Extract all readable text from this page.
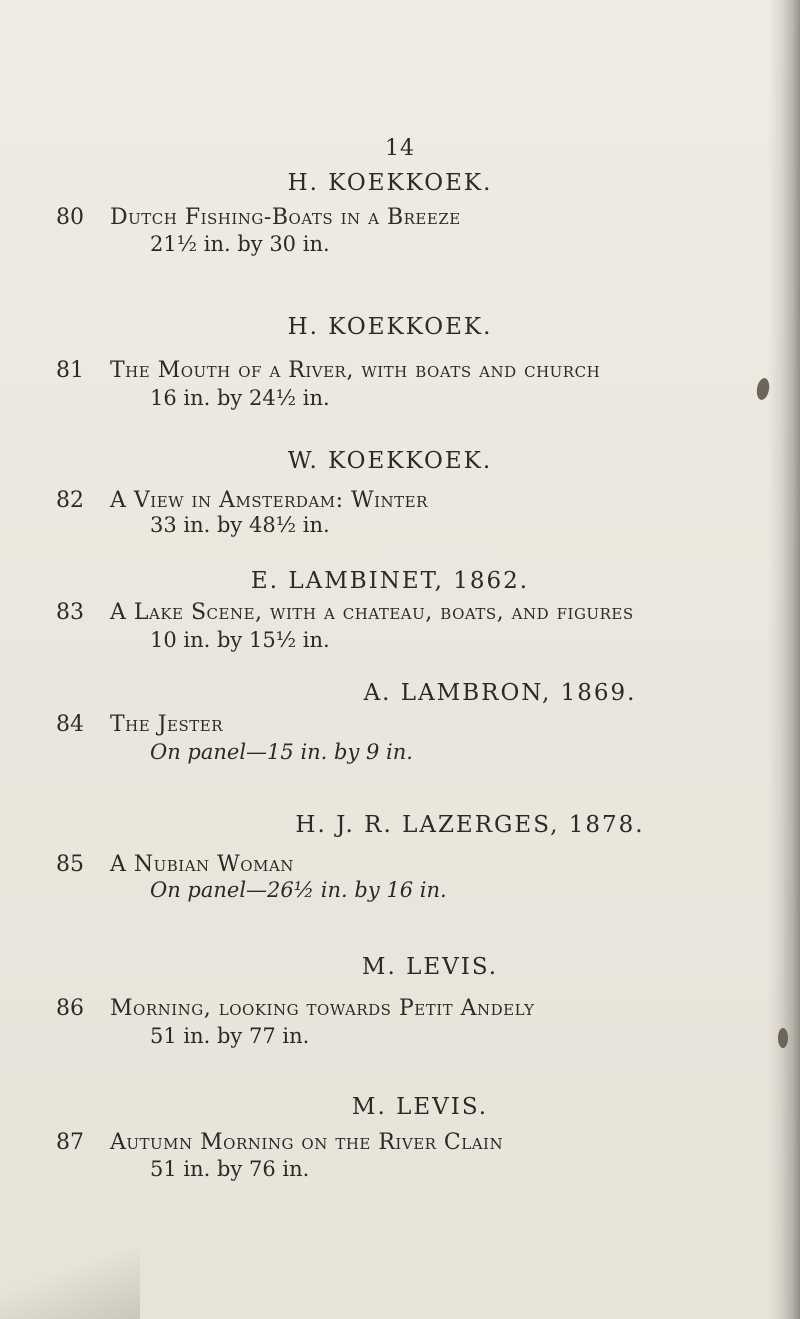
14
H. KOEKKOEK.
80 Dutch Fishing-Boats in a Breeze
21½ in. by 30 in.
H. KOEKKOEK.
81 The Mouth of a River, with boats and church
16 in. by 24½ in.
W. KOEKKOEK.
82 A View in Amsterdam: Winter
33 in. by 48½ in.
E. LAMBINET, 1862.
83 A Lake Scene, with a chateau, boats, and figures
10 in. by 15½ in.
A. LAMBRON, 1869.
84 The Jester
On panel—15 in. by 9 in.
H. J. R. LAZERGES, 1878.
85 A Nubian Woman
On panel—26½ in. by 16 in.
M. LEVIS.
86 Morning, looking towards Petit Andely
51 in. by 77 in.
M. LEVIS.
87 Autumn Morning on the River Clain
51 in. by 76 in.
